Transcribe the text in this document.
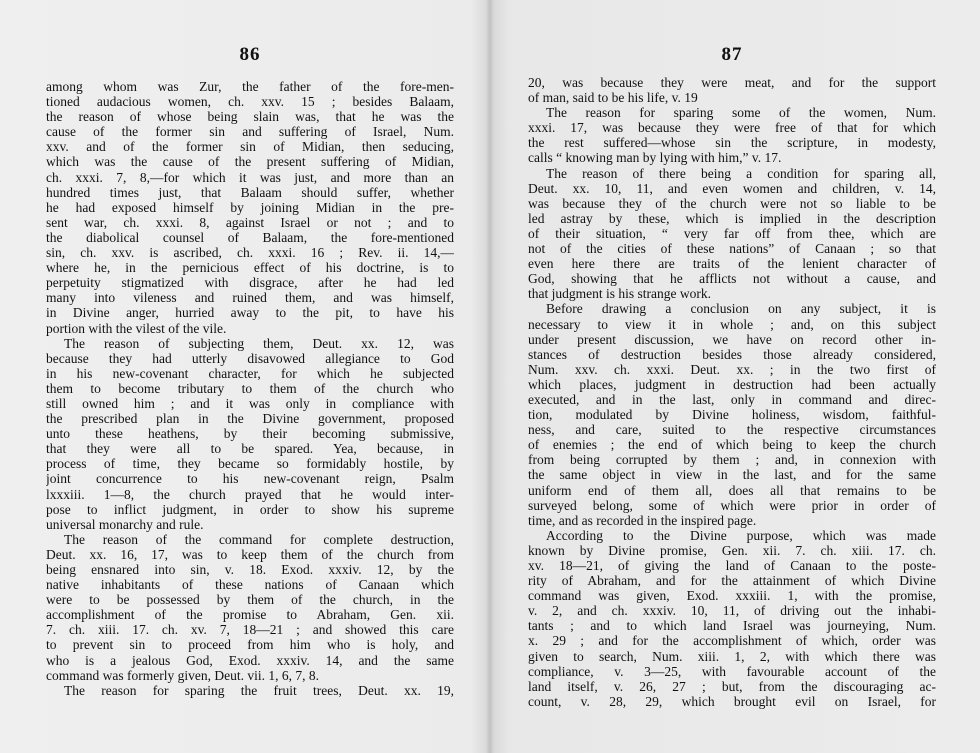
86
among whom was Zur, the father of the fore-men-
tioned audacious women, ch. xxv. 15 ; besides Balaam,
the reason of whose being slain was, that he was the
cause of the former sin and suffering of Israel, Num.
xxv. and of the former sin of Midian, then seducing,
which was the cause of the present suffering of Midian,
ch. xxxi. 7, 8,—for which it was just, and more than an
hundred times just, that Balaam should suffer, whether
he had exposed himself by joining Midian in the pre-
sent war, ch. xxxi. 8, against Israel or not ; and to
the diabolical counsel of Balaam, the fore-mentioned
sin, ch. xxv. is ascribed, ch. xxxi. 16 ; Rev. ii. 14,—
where he, in the pernicious effect of his doctrine, is to
perpetuity stigmatized with disgrace, after he had led
many into vileness and ruined them, and was himself,
in Divine anger, hurried away to the pit, to have his
portion with the vilest of the vile.
The reason of subjecting them, Deut. xx. 12, was
because they had utterly disavowed allegiance to God
in his new-covenant character, for which he subjected
them to become tributary to them of the church who
still owned him ; and it was only in compliance with
the prescribed plan in the Divine government, proposed
unto these heathens, by their becoming submissive,
that they were all to be spared. Yea, because, in
process of time, they became so formidably hostile, by
joint concurrence to his new-covenant reign, Psalm
lxxxiii. 1—8, the church prayed that he would inter-
pose to inflict judgment, in order to show his supreme
universal monarchy and rule.
The reason of the command for complete destruction,
Deut. xx. 16, 17, was to keep them of the church from
being ensnared into sin, v. 18. Exod. xxxiv. 12, by the
native inhabitants of these nations of Canaan which
were to be possessed by them of the church, in the
accomplishment of the promise to Abraham, Gen. xii.
7. ch. xiii. 17. ch. xv. 7, 18—21 ; and showed this care
to prevent sin to proceed from him who is holy, and
who is a jealous God, Exod. xxxiv. 14, and the same
command was formerly given, Deut. vii. 1, 6, 7, 8.
The reason for sparing the fruit trees, Deut. xx. 19,
87
20, was because they were meat, and for the support
of man, said to be his life, v. 19
The reason for sparing some of the women, Num.
xxxi. 17, was because they were free of that for which
the rest suffered—whose sin the scripture, in modesty,
calls “ knowing man by lying with him,” v. 17.
The reason of there being a condition for sparing all,
Deut. xx. 10, 11, and even women and children, v. 14,
was because they of the church were not so liable to be
led astray by these, which is implied in the description
of their situation, “ very far off from thee, which are
not of the cities of these nations” of Canaan ; so that
even here there are traits of the lenient character of
God, showing that he afflicts not without a cause, and
that judgment is his strange work.
Before drawing a conclusion on any subject, it is
necessary to view it in whole ; and, on this subject
under present discussion, we have on record other in-
stances of destruction besides those already considered,
Num. xxv. ch. xxxi. Deut. xx. ; in the two first of
which places, judgment in destruction had been actually
executed, and in the last, only in command and direc-
tion, modulated by Divine holiness, wisdom, faithful-
ness, and care, suited to the respective circumstances
of enemies ; the end of which being to keep the church
from being corrupted by them ; and, in connexion with
the same object in view in the last, and for the same
uniform end of them all, does all that remains to be
surveyed belong, some of which were prior in order of
time, and as recorded in the inspired page.
According to the Divine purpose, which was made
known by Divine promise, Gen. xii. 7. ch. xiii. 17. ch.
xv. 18—21, of giving the land of Canaan to the poste-
rity of Abraham, and for the attainment of which Divine
command was given, Exod. xxxiii. 1, with the promise,
v. 2, and ch. xxxiv. 10, 11, of driving out the inhabi-
tants ; and to which land Israel was journeying, Num.
x. 29 ; and for the accomplishment of which, order was
given to search, Num. xiii. 1, 2, with which there was
compliance, v. 3—25, with favourable account of the
land itself, v. 26, 27 ; but, from the discouraging ac-
count, v. 28, 29, which brought evil on Israel, for
